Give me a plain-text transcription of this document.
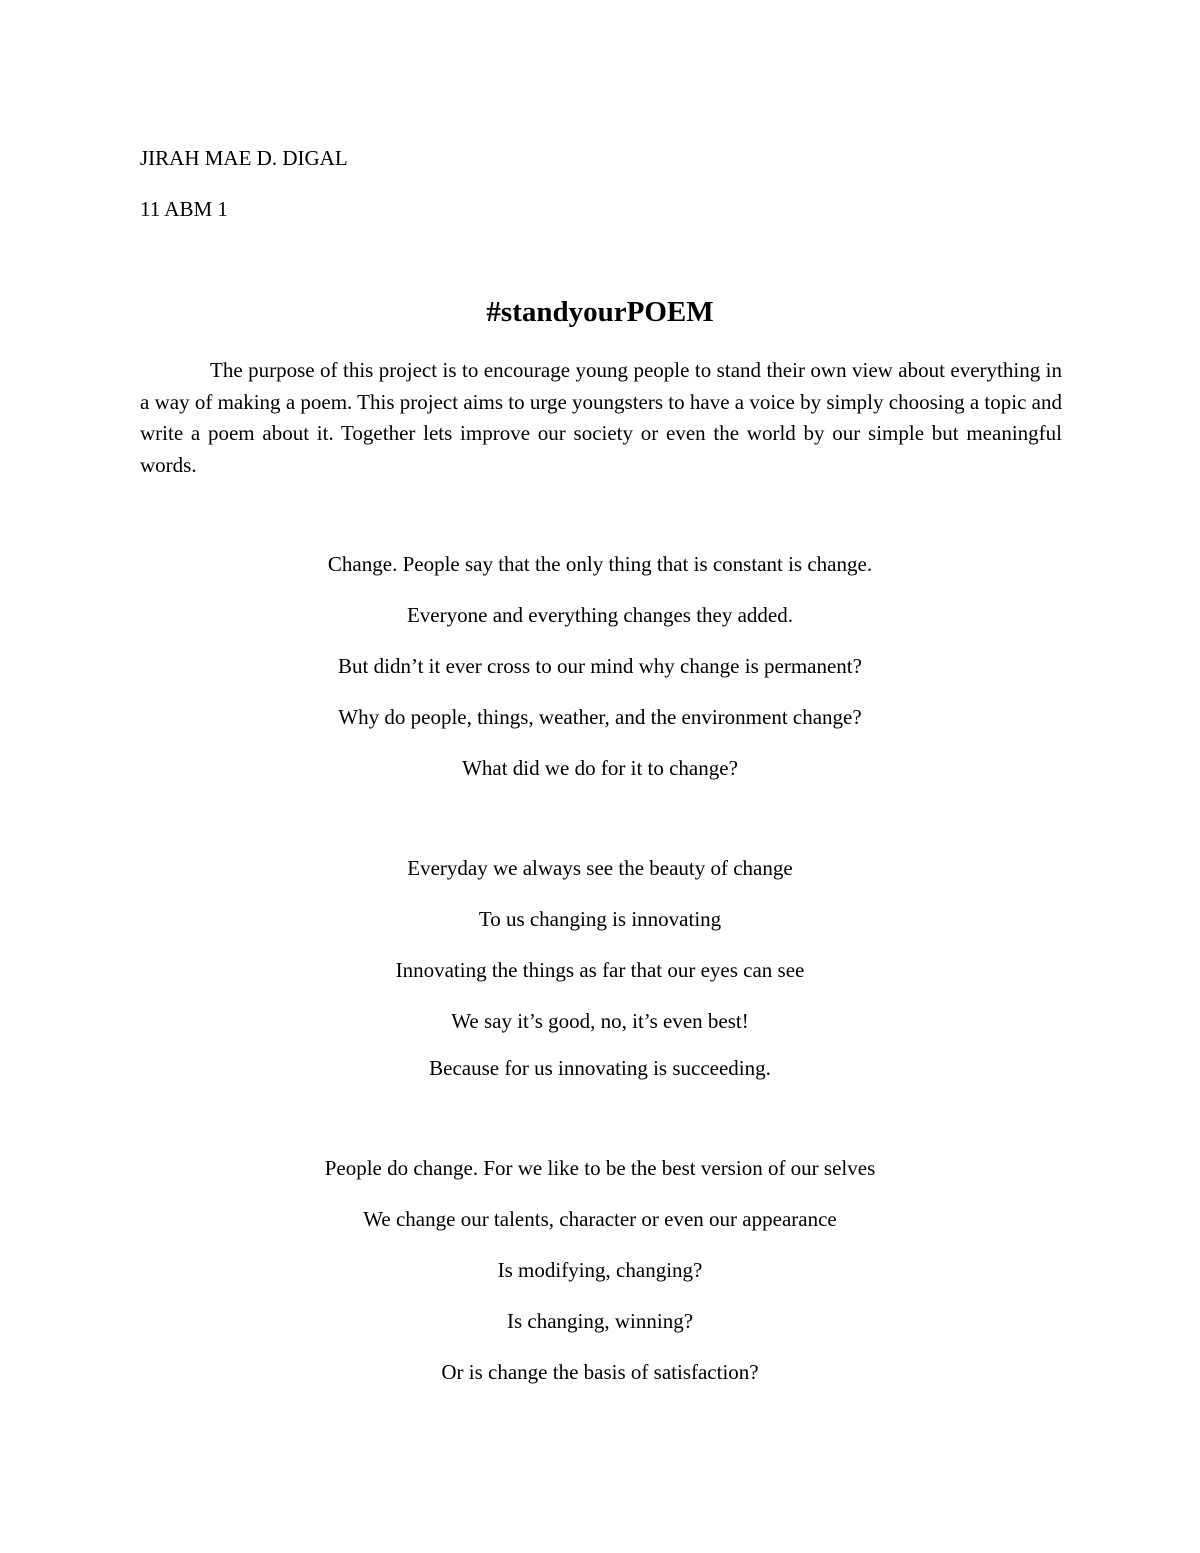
JIRAH MAE D. DIGAL
11 ABM 1
#standyourPOEM

The purpose of this project is to encourage young people to stand their own view about everything in a way of making a poem. This project aims to urge youngsters to have a voice by simply choosing a topic and write a poem about it. Together lets improve our society or even the world by our simple but meaningful words.

Change. People say that the only thing that is constant is change.
Everyone and everything changes they added.
But didn’t it ever cross to our mind why change is permanent?
Why do people, things, weather, and the environment change?
What did we do for it to change?
Everyday we always see the beauty of change
To us changing is innovating
Innovating the things as far that our eyes can see
We say it’s good, no, it’s even best!
Because for us innovating is succeeding.
People do change. For we like to be the best version of our selves
We change our talents, character or even our appearance
Is modifying, changing?
Is changing, winning?
Or is change the basis of satisfaction?
